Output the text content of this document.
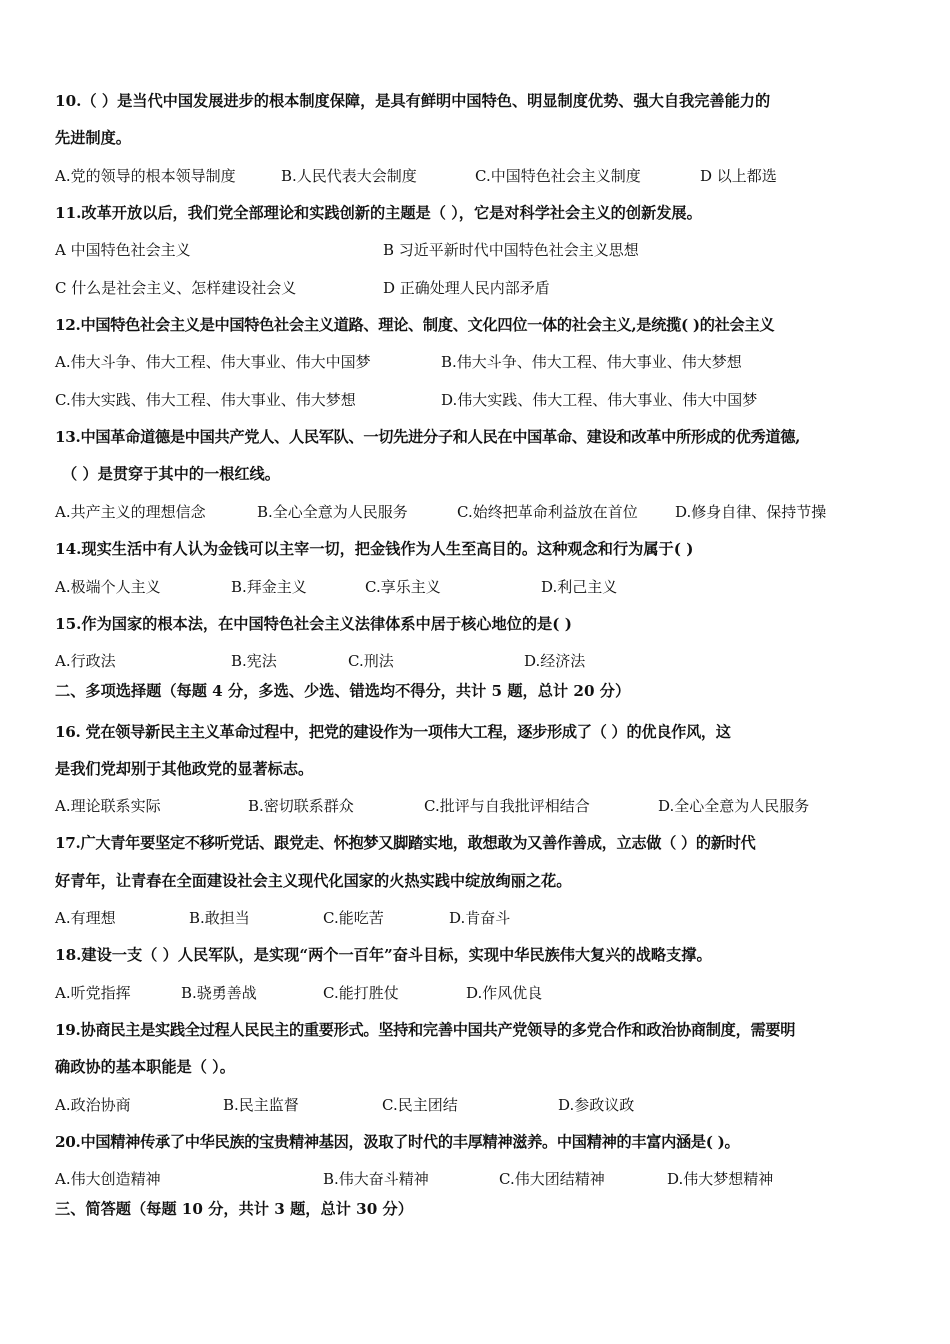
10.（ ）是当代中国发展进步的根本制度保障，是具有鲜明中国特色、明显制度优势、强大自我完善能力的
先进制度。
A.党的领导的根本领导制度	B.人民代表大会制度	C.中国特色社会主义制度	D 以上都选
11.改革开放以后，我们党全部理论和实践创新的主题是（ ），它是对科学社会主义的创新发展。
A 中国特色社会主义	B 习近平新时代中国特色社会主义思想
C 什么是社会主义、怎样建设社会义	D 正确处理人民内部矛盾
12.中国特色社会主义是中国特色社会主义道路、理论、制度、文化四位一体的社会主义,是统揽( )的社会主义
A.伟大斗争、伟大工程、伟大事业、伟大中国梦	B.伟大斗争、伟大工程、伟大事业、伟大梦想
C.伟大实践、伟大工程、伟大事业、伟大梦想	D.伟大实践、伟大工程、伟大事业、伟大中国梦
13.中国革命道德是中国共产党人、人民军队、一切先进分子和人民在中国革命、建设和改革中所形成的优秀道德,
（ ）是贯穿于其中的一根红线。
A.共产主义的理想信念	B.全心全意为人民服务	C.始终把革命利益放在首位 D.修身自律、保持节操
14.现实生活中有人认为金钱可以主宰一切，把金钱作为人生至高目的。这种观念和行为属于( )
A.极端个人主义	B.拜金主义	C.享乐主义	D.利己主义
15.作为国家的根本法，在中国特色社会主义法律体系中居于核心地位的是( )
A.行政法	B.宪法	C.刑法	D.经济法
二、多项选择题（每题 4 分，多选、少选、错选均不得分，共计 5 题，总计 20 分）
16. 党在领导新民主主义革命过程中，把党的建设作为一项伟大工程，逐步形成了（ ）的优良作风，这
是我们党却别于其他政党的显著标志。
A.理论联系实际	B.密切联系群众	C.批评与自我批评相结合	D.全心全意为人民服务
17.广大青年要坚定不移听党话、跟党走、怀抱梦又脚踏实地，敢想敢为又善作善成，立志做（ ）的新时代
好青年，让青春在全面建设社会主义现代化国家的火热实践中绽放绚丽之花。
A.有理想	B.敢担当	C.能吃苦	D.肯奋斗
18.建设一支（ ）人民军队，是实现“两个一百年”奋斗目标，实现中华民族伟大复兴的战略支撑。
A.听党指挥	B.骁勇善战	C.能打胜仗	D.作风优良
19.协商民主是实践全过程人民民主的重要形式。坚持和完善中国共产党领导的多党合作和政治协商制度，需要明
确政协的基本职能是（ ）。
A.政治协商	B.民主监督	C.民主团结	D.参政议政
20.中国精神传承了中华民族的宝贵精神基因，汲取了时代的丰厚精神滋养。中国精神的丰富内涵是( )。
A.伟大创造精神	B.伟大奋斗精神	C.伟大团结精神	D.伟大梦想精神
三、简答题（每题 10 分，共计 3 题，总计 30 分）
